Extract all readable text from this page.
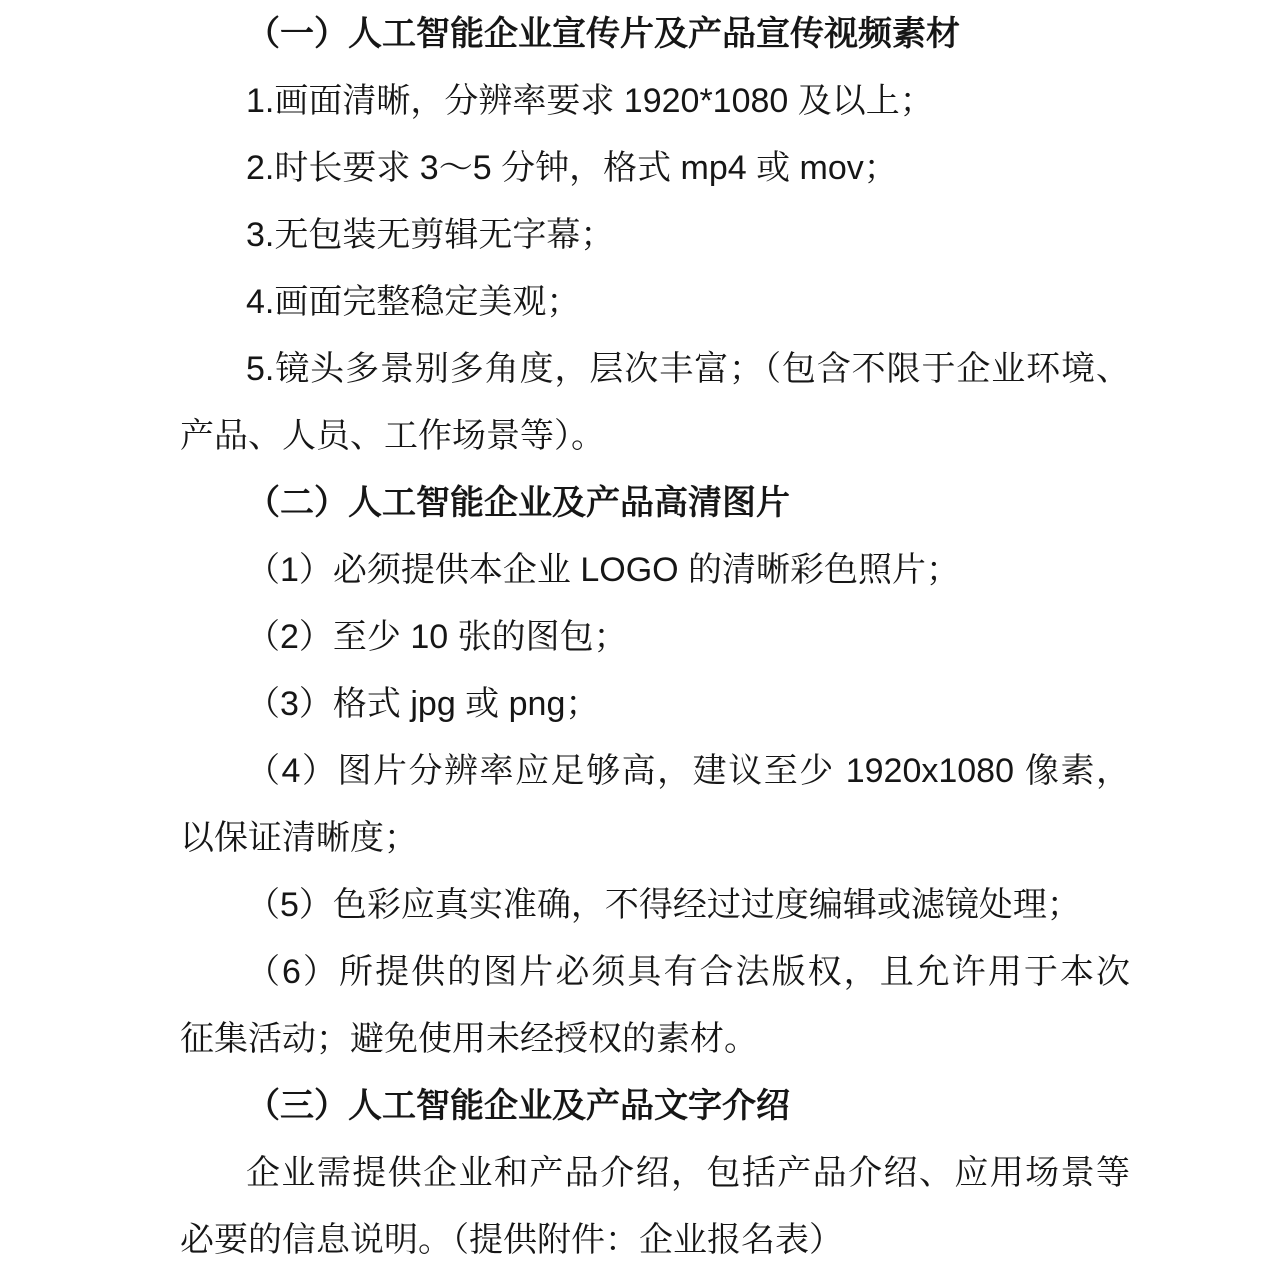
（一）人工智能企业宣传片及产品宣传视频素材
1.画面清晰，分辨率要求 1920*1080 及以上；
2.时长要求 3～5 分钟，格式 mp4 或 mov；
3.无包装无剪辑无字幕；
4.画面完整稳定美观；
5.镜头多景别多角度，层次丰富；（包含不限于企业环境、
产品、人员、工作场景等）。
（二）人工智能企业及产品高清图片
（1）必须提供本企业 LOGO 的清晰彩色照片；
（2）至少 10 张的图包；
（3）格式 jpg 或 png；
（4）图片分辨率应足够高，建议至少 1920x1080 像素，
以保证清晰度；
（5）色彩应真实准确，不得经过过度编辑或滤镜处理；
（6）所提供的图片必须具有合法版权，且允许用于本次
征集活动；避免使用未经授权的素材。
（三）人工智能企业及产品文字介绍
企业需提供企业和产品介绍，包括产品介绍、应用场景等
必要的信息说明。（提供附件：企业报名表）
